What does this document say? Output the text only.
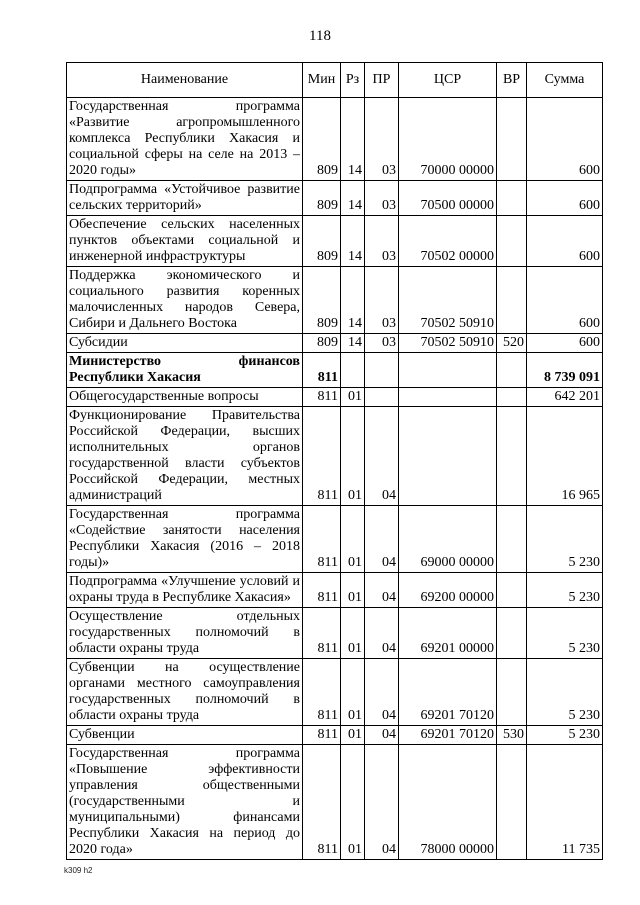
118
Наименование	Мин	Рз	ПР	ЦСР	ВР	Сумма
Государственная программа «Развитие агропромышленного комплекса Республики Хакасия и социальной сферы на селе на 2013 – 2020 годы»	809	14	03	70000 00000		600
Подпрограмма «Устойчивое развитие сельских территорий»	809	14	03	70500 00000		600
Обеспечение сельских населенных пунктов объектами социальной и инженерной инфраструктуры	809	14	03	70502 00000		600
Поддержка экономического и социального развития коренных малочисленных народов Севера, Сибири и Дальнего Востока	809	14	03	70502 50910		600
Субсидии	809	14	03	70502 50910	520	600
Министерство финансов Республики Хакасия	811					8 739 091
Общегосударственные вопросы	811	01				642 201
Функционирование Правительства Российской Федерации, высших исполнительных органов государственной власти субъектов Российской Федерации, местных администраций	811	01	04			16 965
Государственная программа «Содействие занятости населения Республики Хакасия (2016 – 2018 годы)»	811	01	04	69000 00000		5 230
Подпрограмма «Улучшение условий и охраны труда в Республике Хакасия»	811	01	04	69200 00000		5 230
Осуществление отдельных государственных полномочий в области охраны труда	811	01	04	69201 00000		5 230
Субвенции на осуществление органами местного самоуправления государственных полномочий в области охраны труда	811	01	04	69201 70120		5 230
Субвенции	811	01	04	69201 70120	530	5 230
Государственная программа «Повышение эффективности управления общественными (государственными и муниципальными) финансами Республики Хакасия на период до 2020 года»	811	01	04	78000 00000		11 735
k309 h2
